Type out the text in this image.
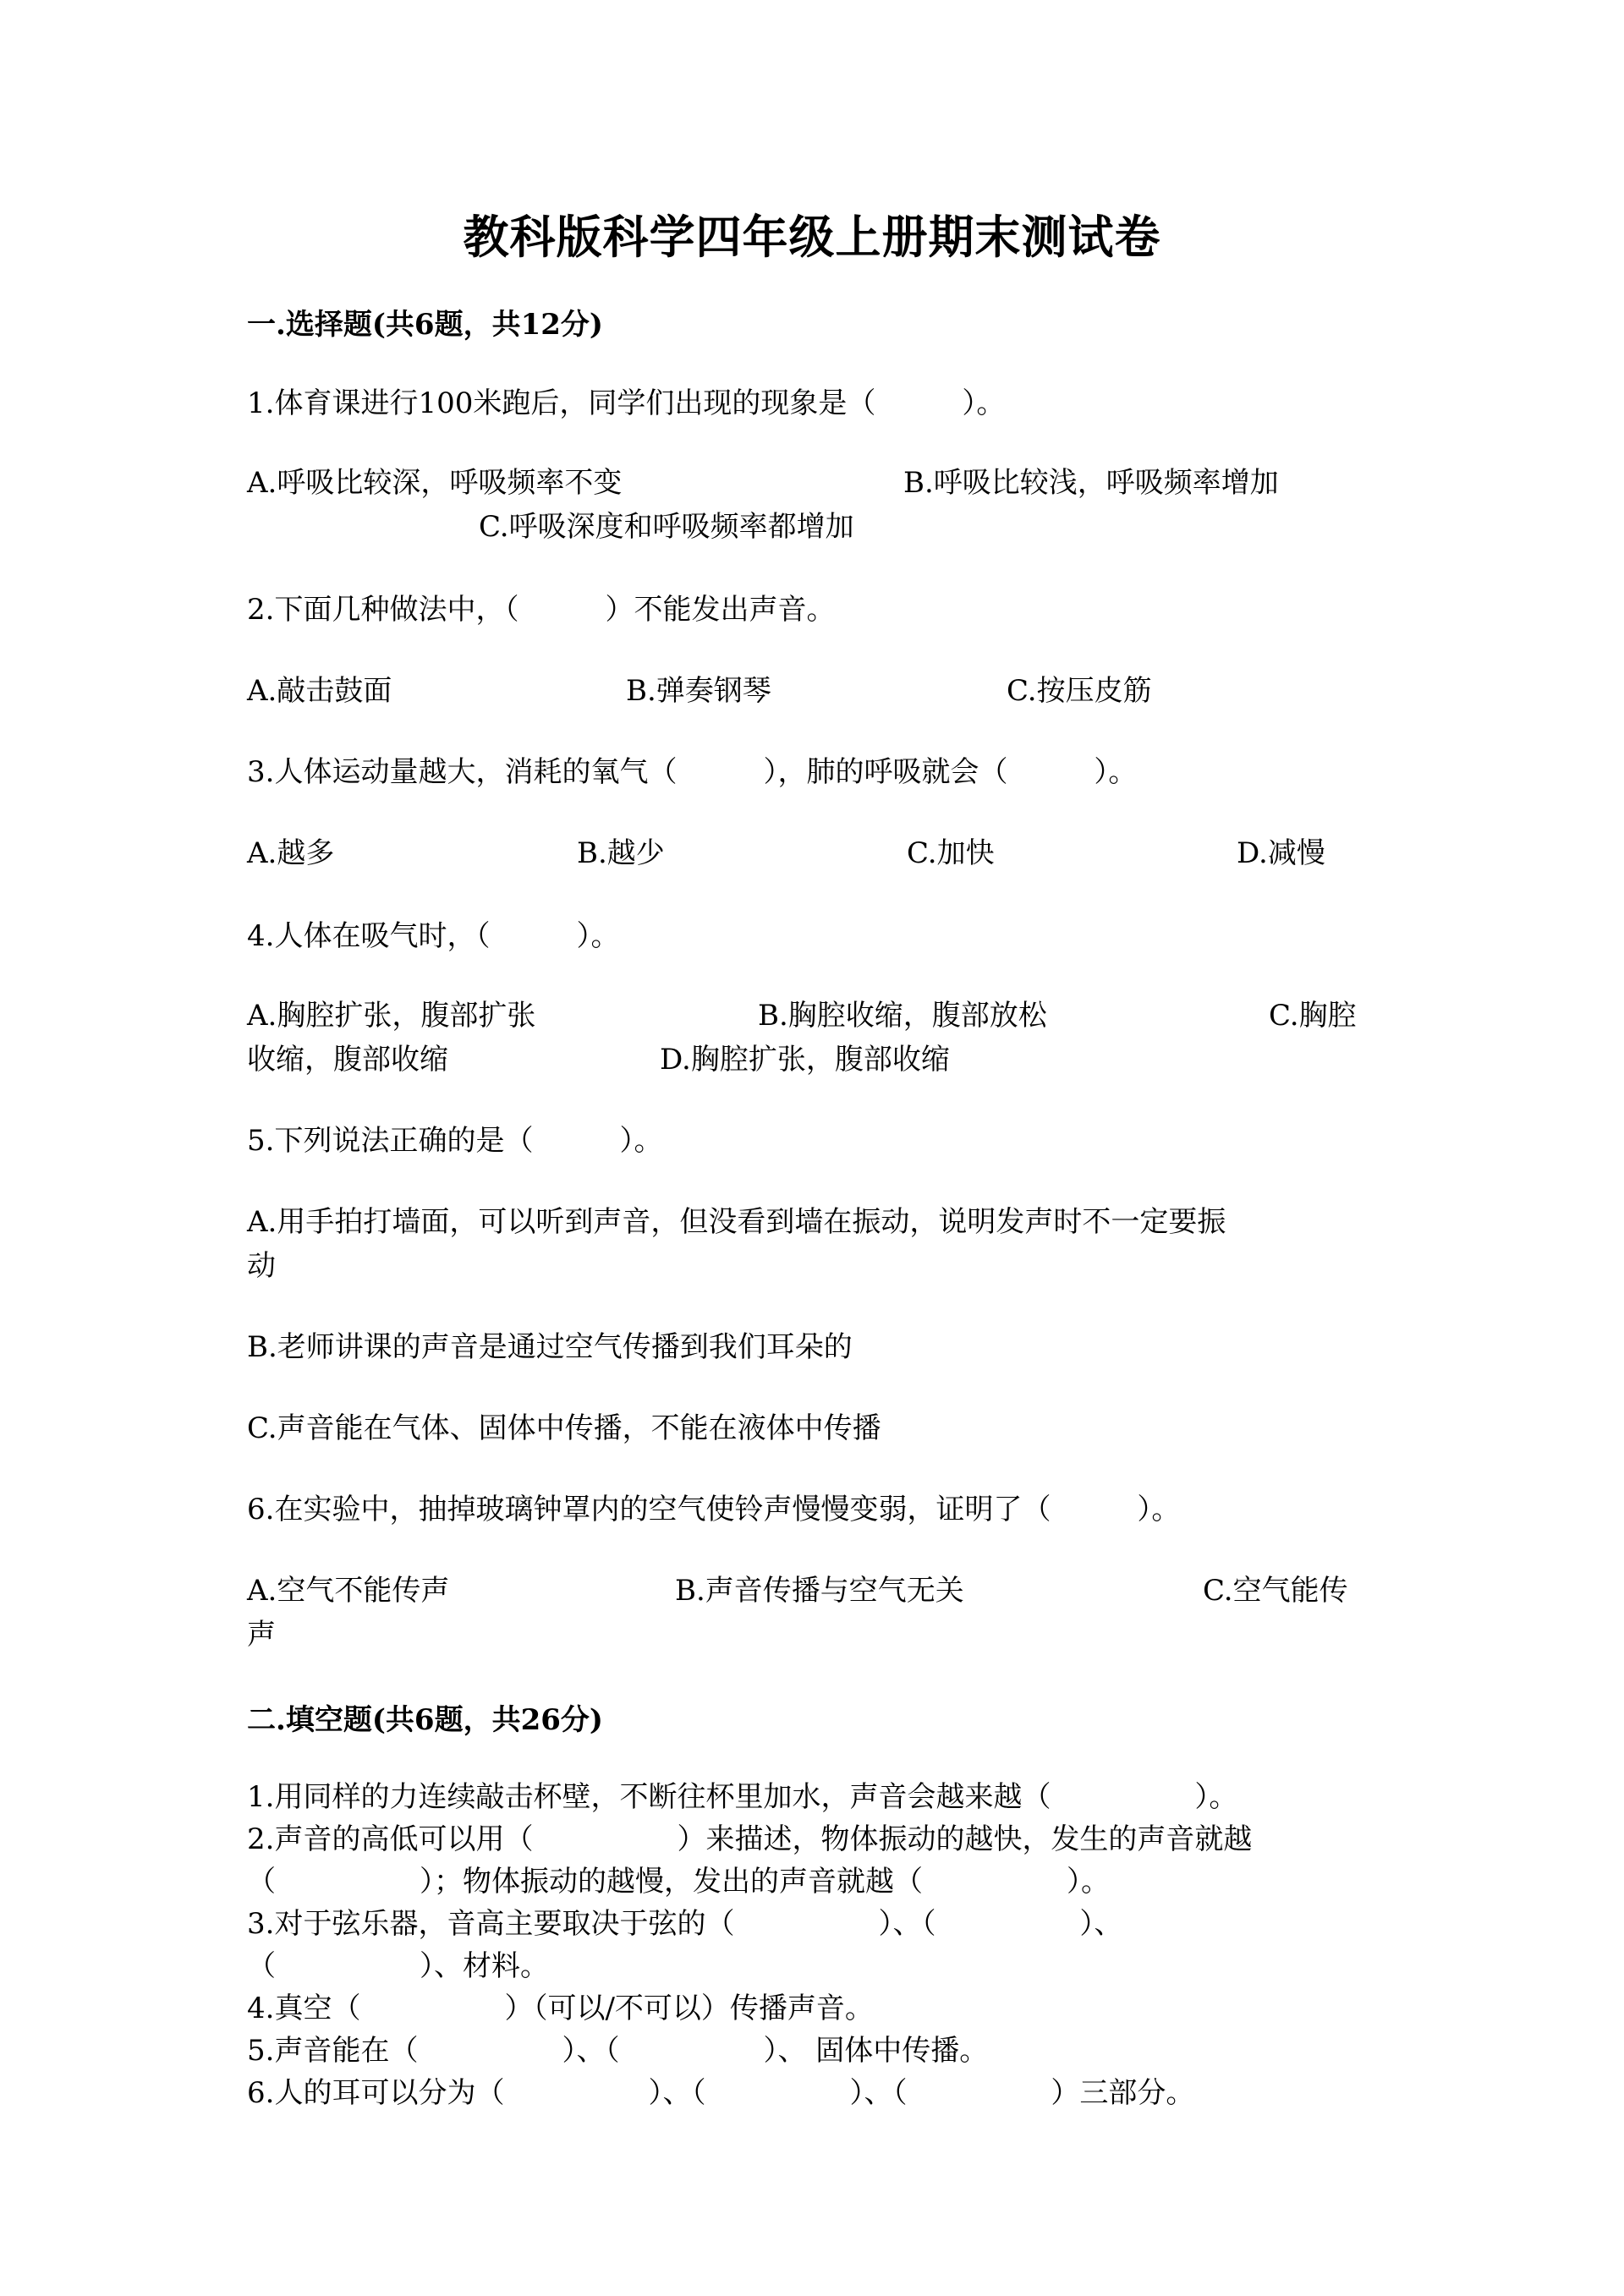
教科版科学四年级上册期末测试卷
一.选择题(共6题，共12分)
1.体育课进行100米跑后，同学们出现的现象是（　　　）。
A.呼吸比较深，呼吸频率不变	B.呼吸比较浅，呼吸频率增加
C.呼吸深度和呼吸频率都增加
2.下面几种做法中，（　　　）不能发出声音。
A.敲击鼓面	B.弹奏钢琴	C.按压皮筋
3.人体运动量越大，消耗的氧气（　　　），肺的呼吸就会（　　　）。
A.越多	B.越少	C.加快	D.减慢
4.人体在吸气时，（　　　）。
A.胸腔扩张，腹部扩张	B.胸腔收缩，腹部放松	C.胸腔
收缩，腹部收缩	D.胸腔扩张，腹部收缩
5.下列说法正确的是（　　　）。
A.用手拍打墙面，可以听到声音，但没看到墙在振动，说明发声时不一定要振
动
B.老师讲课的声音是通过空气传播到我们耳朵的
C.声音能在气体、固体中传播，不能在液体中传播
6.在实验中，抽掉玻璃钟罩内的空气使铃声慢慢变弱，证明了（　　　）。
A.空气不能传声	B.声音传播与空气无关	C.空气能传
声
二.填空题(共6题，共26分)
1.用同样的力连续敲击杯壁，不断往杯里加水，声音会越来越（　　　　　）。
2.声音的高低可以用（　　　　　）来描述，物体振动的越快，发生的声音就越
（　　　　　）；物体振动的越慢，发出的声音就越（　　　　　）。
3.对于弦乐器，音高主要取决于弦的（　　　　　）、（　　　　　）、
（　　　　　）、材料。
4.真空（　　　　　）（可以/不可以）传播声音。
5.声音能在（　　　　　）、（　　　　　）、 固体中传播。
6.人的耳可以分为（　　　　　）、（　　　　　）、（　　　　　）三部分。
